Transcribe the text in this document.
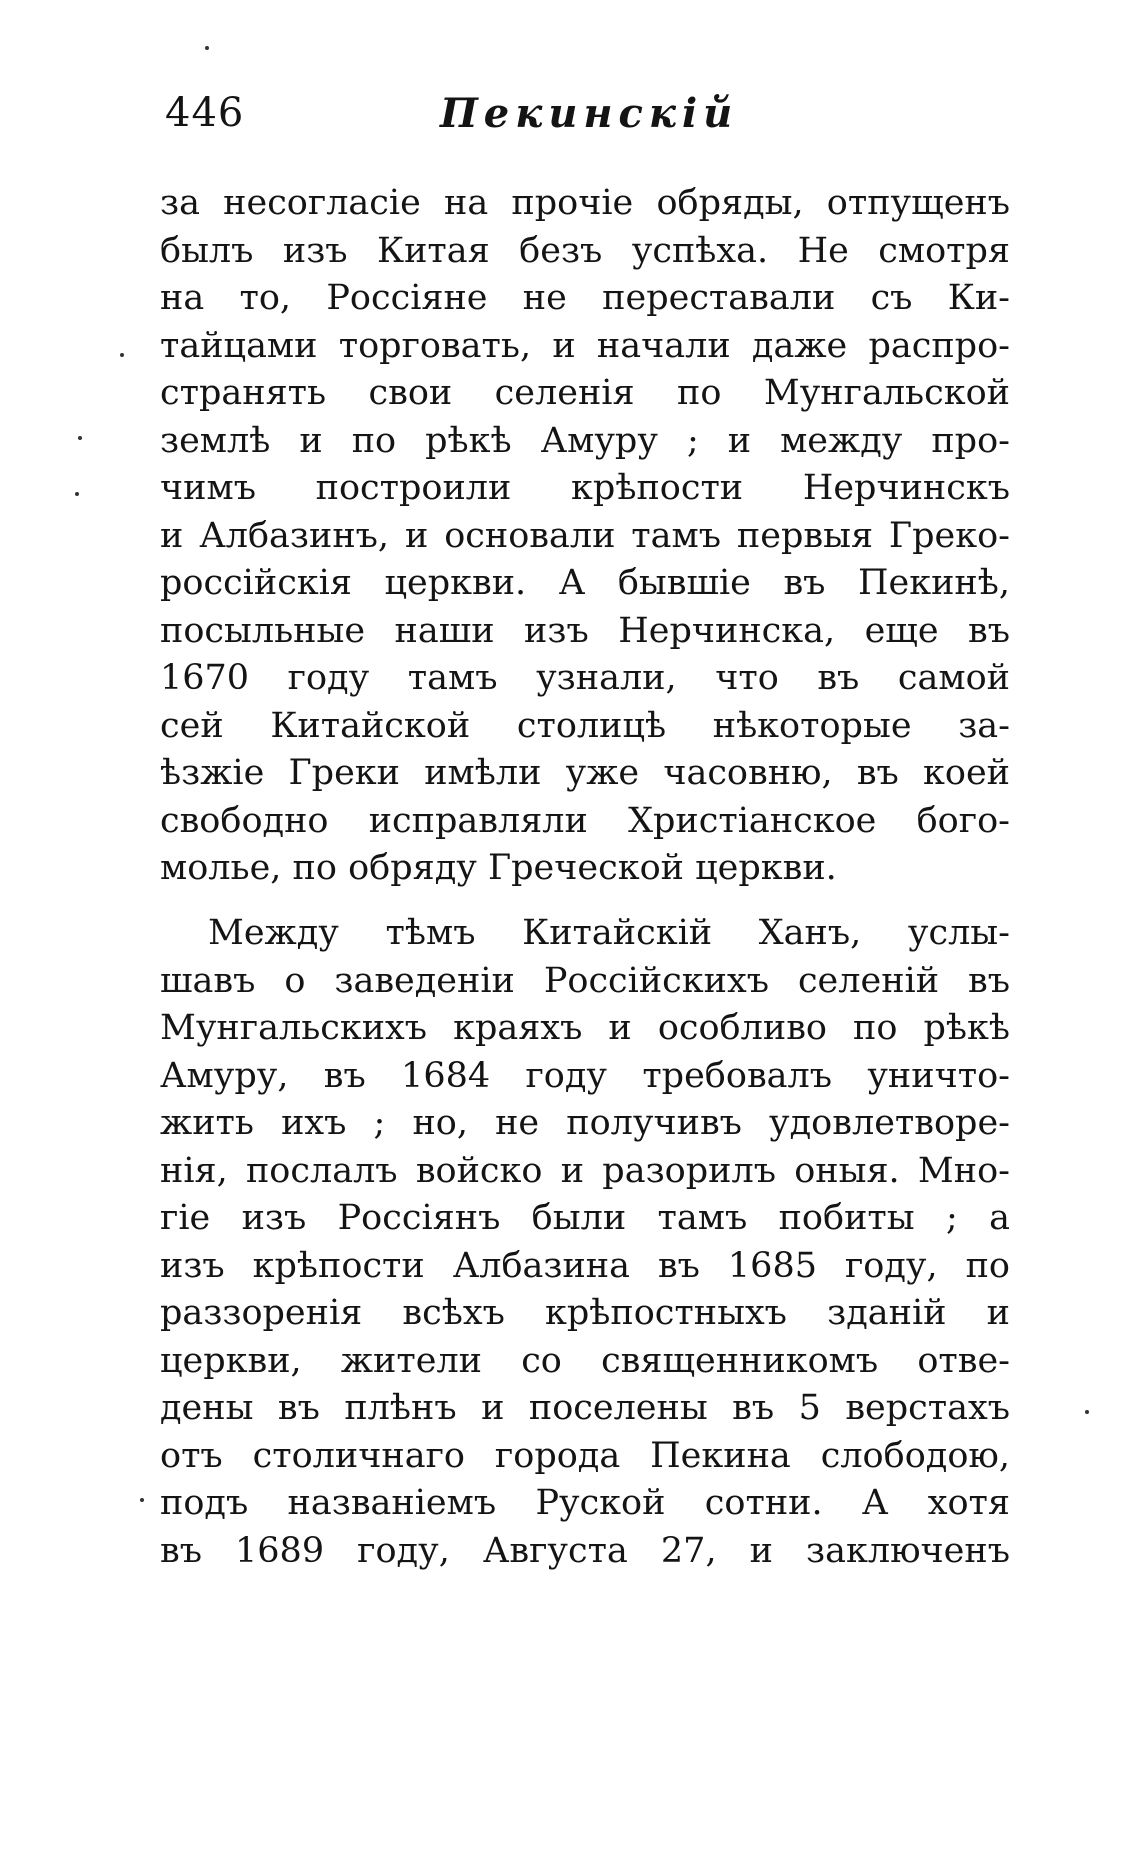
446	Пекинскій
за несогласіе на прочіе обряды, отпущенъ
былъ изъ Китая безъ успѣха. Не смотря
на то, Россіяне не переставали съ Ки-
тайцами торговать, и начали даже распро-
странять свои селенія по Мунгальской
землѣ и по рѣкѣ Амуру ; и между про-
чимъ построили крѣпости Нерчинскъ
и Албазинъ, и основали тамъ первыя Греко-
россійскія церкви. А бывшіе въ Пекинѣ,
посыльные наши изъ Нерчинска, еще въ
1670 году тамъ узнали, что въ самой
сей Китайской столицѣ нѣкоторые за-
ѣзжіе Греки имѣли уже часовню, въ коей
свободно исправляли Христіанское бого-
молье, по обряду Греческой церкви.
Между тѣмъ Китайскій Ханъ, услы-
шавъ о заведеніи Россійскихъ селеній въ
Мунгальскихъ краяхъ и особливо по рѣкѣ
Амуру, въ 1684 году требовалъ уничто-
жить ихъ ; но, не получивъ удовлетворе-
нія, послалъ войско и разорилъ оныя. Мно-
гіе изъ Россіянъ были тамъ побиты ; а
изъ крѣпости Албазина въ 1685 году, по
раззоренія всѣхъ крѣпостныхъ зданій и
церкви, жители со священникомъ отве-
дены въ плѣнъ и поселены въ 5 верстахъ
отъ столичнаго города Пекина слободою,
подъ названіемъ Руской сотни. А хотя
въ 1689 году, Августа 27, и заключенъ
